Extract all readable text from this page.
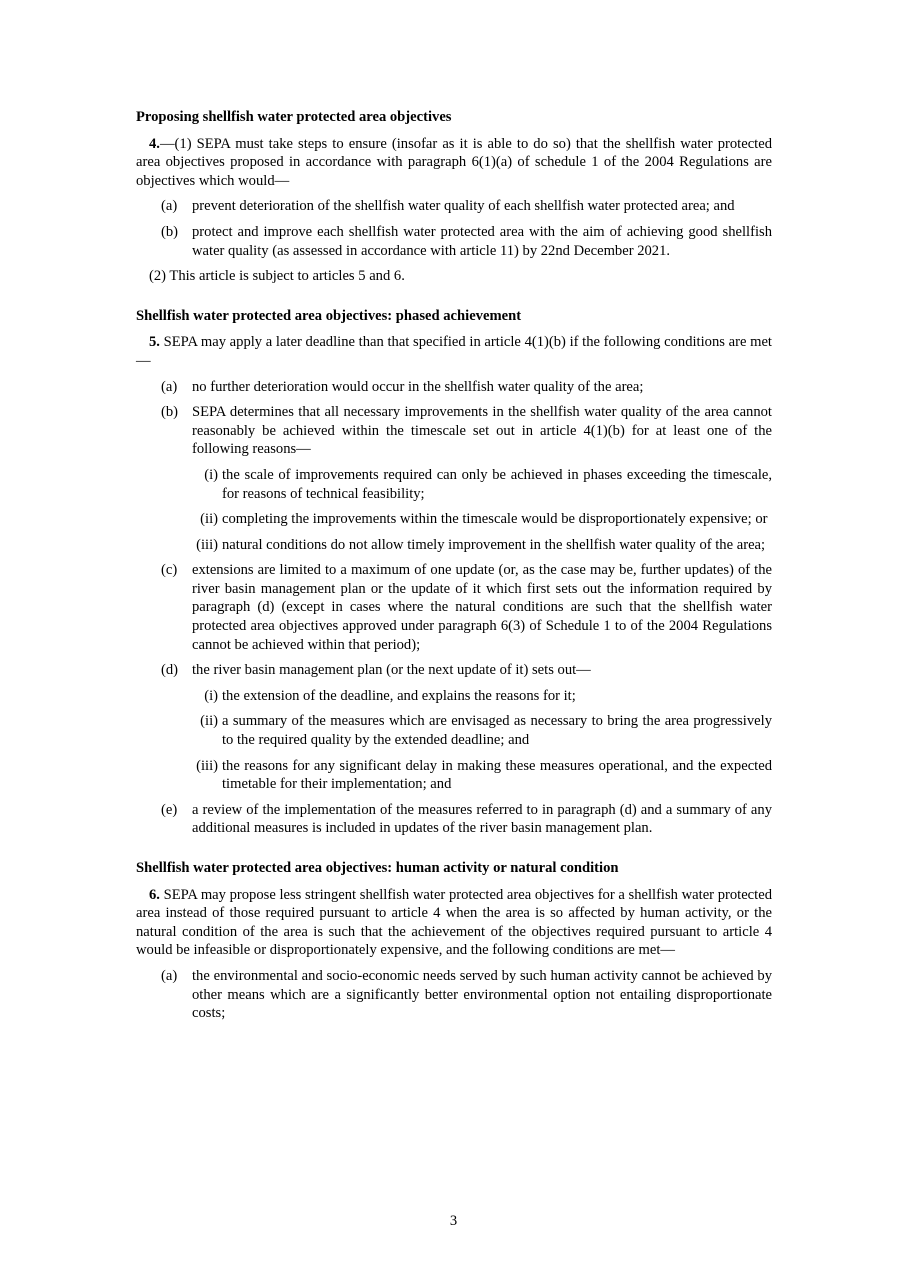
Proposing shellfish water protected area objectives

4.—(1) SEPA must take steps to ensure (insofar as it is able to do so) that the shellfish water protected area objectives proposed in accordance with paragraph 6(1)(a) of schedule 1 of the 2004 Regulations are objectives which would—

(a) prevent deterioration of the shellfish water quality of each shellfish water protected area; and
(b) protect and improve each shellfish water protected area with the aim of achieving good shellfish water quality (as assessed in accordance with article 11) by 22nd December 2021.

(2) This article is subject to articles 5 and 6.

Shellfish water protected area objectives: phased achievement

5. SEPA may apply a later deadline than that specified in article 4(1)(b) if the following conditions are met—

(a) no further deterioration would occur in the shellfish water quality of the area;
(b) SEPA determines that all necessary improvements in the shellfish water quality of the area cannot reasonably be achieved within the timescale set out in article 4(1)(b) for at least one of the following reasons—
(i) the scale of improvements required can only be achieved in phases exceeding the timescale, for reasons of technical feasibility;
(ii) completing the improvements within the timescale would be disproportionately expensive; or
(iii) natural conditions do not allow timely improvement in the shellfish water quality of the area;
(c) extensions are limited to a maximum of one update (or, as the case may be, further updates) of the river basin management plan or the update of it which first sets out the information required by paragraph (d) (except in cases where the natural conditions are such that the shellfish water protected area objectives approved under paragraph 6(3) of Schedule 1 to of the 2004 Regulations cannot be achieved within that period);
(d) the river basin management plan (or the next update of it) sets out—
(i) the extension of the deadline, and explains the reasons for it;
(ii) a summary of the measures which are envisaged as necessary to bring the area progressively to the required quality by the extended deadline; and
(iii) the reasons for any significant delay in making these measures operational, and the expected timetable for their implementation; and
(e) a review of the implementation of the measures referred to in paragraph (d) and a summary of any additional measures is included in updates of the river basin management plan.
Shellfish water protected area objectives: human activity or natural condition

6. SEPA may propose less stringent shellfish water protected area objectives for a shellfish water protected area instead of those required pursuant to article 4 when the area is so affected by human activity, or the natural condition of the area is such that the achievement of the objectives required pursuant to article 4 would be infeasible or disproportionately expensive, and the following conditions are met—

(a) the environmental and socio-economic needs served by such human activity cannot be achieved by other means which are a significantly better environmental option not entailing disproportionate costs;
3
